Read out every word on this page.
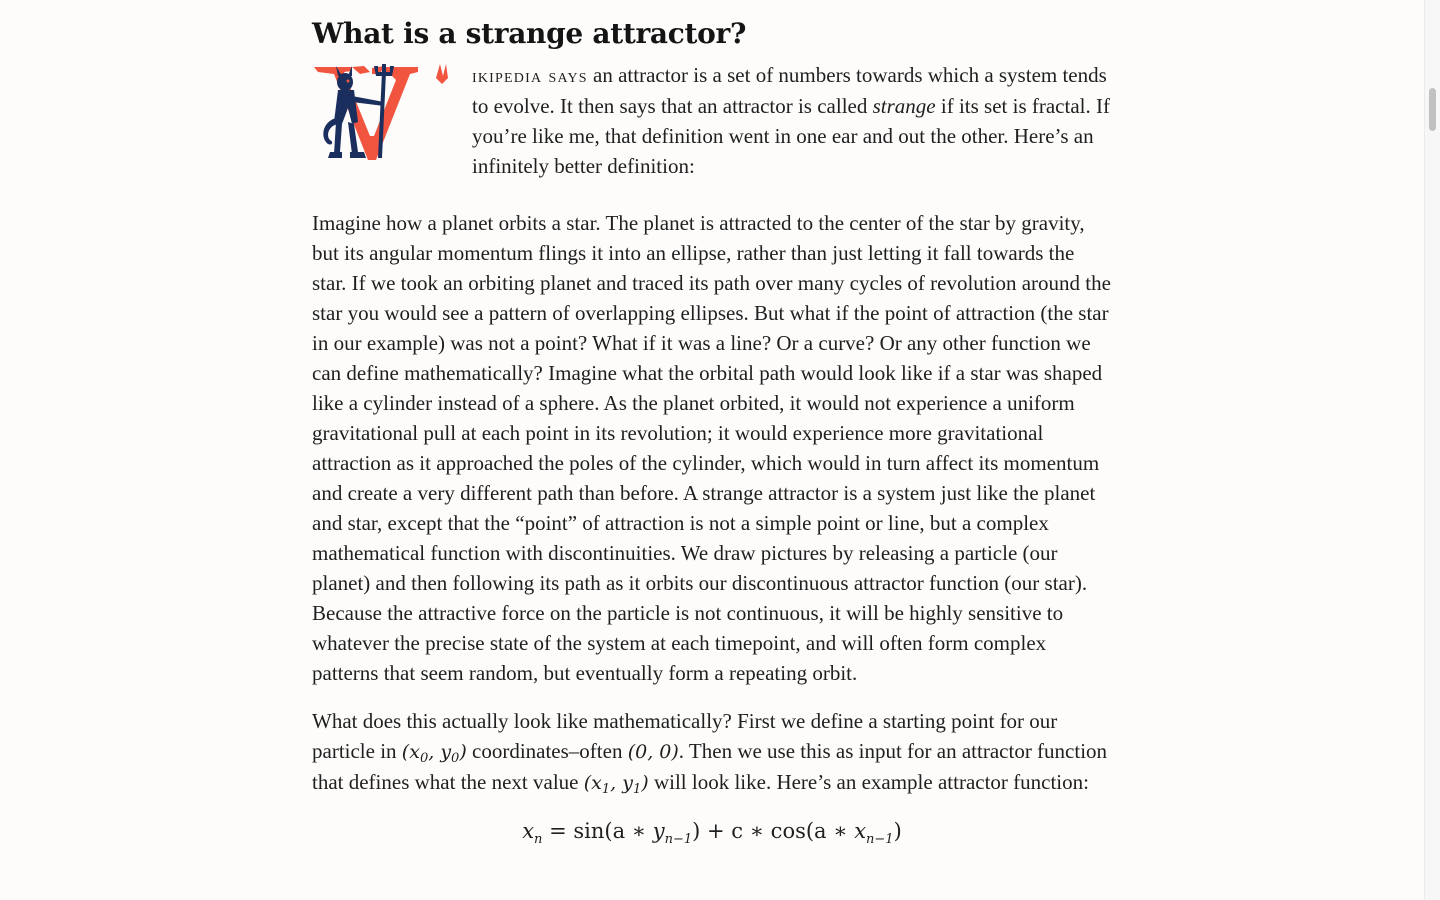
What is a strange attractor?

ikipedia says an attractor is a set of numbers towards which a system tends to evolve. It then says that an attractor is called strange if its set is fractal. If you’re like me, that definition went in one ear and out the other. Here’s an infinitely better definition:

Imagine how a planet orbits a star. The planet is attracted to the center of the star by gravity, but its angular momentum flings it into an ellipse, rather than just letting it fall towards the star. If we took an orbiting planet and traced its path over many cycles of revolution around the star you would see a pattern of overlapping ellipses. But what if the point of attraction (the star in our example) was not a point? What if it was a line? Or a curve? Or any other function we can define mathematically? Imagine what the orbital path would look like if a star was shaped like a cylinder instead of a sphere. As the planet orbited, it would not experience a uniform gravitational pull at each point in its revolution; it would experience more gravitational attraction as it approached the poles of the cylinder, which would in turn affect its momentum and create a very different path than before. A strange attractor is a system just like the planet and star, except that the “point” of attraction is not a simple point or line, but a complex mathematical function with discontinuities. We draw pictures by releasing a particle (our planet) and then following its path as it orbits our discontinuous attractor function (our star). Because the attractive force on the particle is not continuous, it will be highly sensitive to whatever the precise state of the system at each timepoint, and will often form complex patterns that seem random, but eventually form a repeating orbit.

What does this actually look like mathematically? First we define a starting point for our particle in ($x_0$, $y_0$) coordinates–often (0, 0). Then we use this as input for an attractor function that defines what the next value ($x_1$, $y_1$) will look like. Here’s an example attractor function:

$x_n = \sin(a$ ∗ $y_{n-1}) + c$ ∗ cos(a ∗ $x_{n-1}$)
